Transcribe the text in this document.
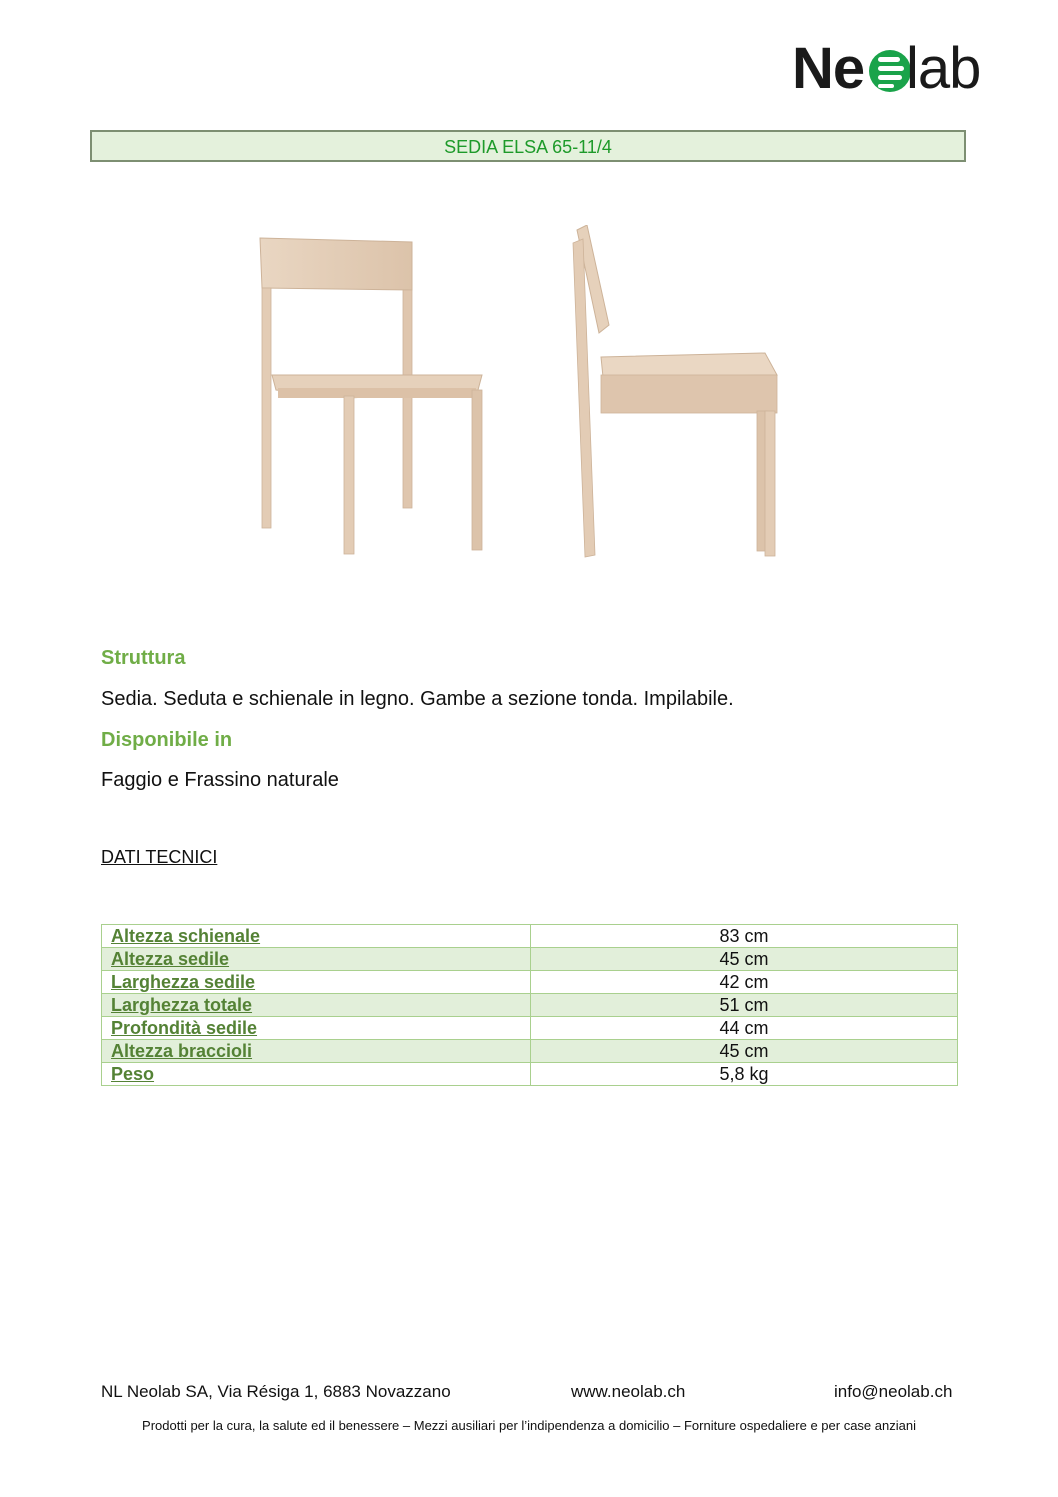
Ne lab
SEDIA ELSA 65-11/4
Struttura
Sedia. Seduta e schienale in legno. Gambe a sezione tonda. Impilabile.
Disponibile in
Faggio e Frassino naturale
DATI TECNICI
Altezza schienale	83 cm
Altezza sedile	45 cm
Larghezza sedile	42 cm
Larghezza totale	51 cm
Profondità sedile	44 cm
Altezza braccioli	45 cm
Peso	5,8 kg
NL Neolab SA, Via Résiga 1, 6883 Novazzano	www.neolab.ch	info@neolab.ch
Prodotti per la cura, la salute ed il benessere – Mezzi ausiliari per l’indipendenza a domicilio – Forniture ospedaliere e per case anziani
